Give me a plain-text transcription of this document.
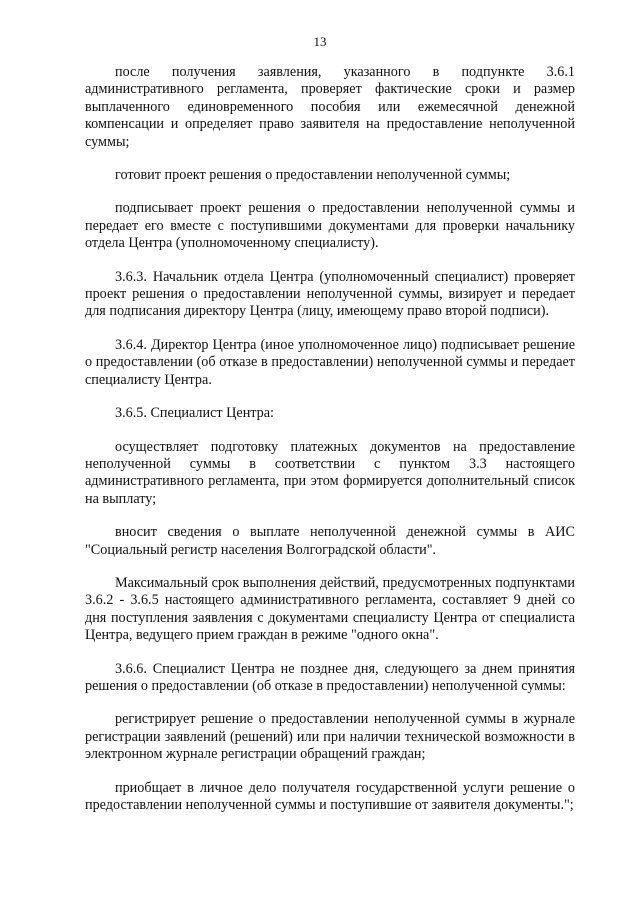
13

после получения заявления, указанного в подпункте 3.6.1 административного регламента, проверяет фактические сроки и размер выплаченного единовременного пособия или ежемесячной денежной компенсации и определяет право заявителя на предоставление неполученной суммы;

готовит проект решения о предоставлении неполученной суммы;

подписывает проект решения о предоставлении неполученной суммы и передает его вместе с поступившими документами для проверки начальнику отдела Центра (уполномоченному специалисту).

3.6.3. Начальник отдела Центра (уполномоченный специалист) проверяет проект решения о предоставлении неполученной суммы, визирует и передает для подписания директору Центра (лицу, имеющему право второй подписи).

3.6.4. Директор Центра (иное уполномоченное лицо) подписывает решение о предоставлении (об отказе в предоставлении) неполученной суммы и передает специалисту Центра.

3.6.5. Специалист Центра:

осуществляет подготовку платежных документов на предоставление неполученной суммы в соответствии с пунктом 3.3 настоящего административного регламента, при этом формируется дополнительный список на выплату;

вносит сведения о выплате неполученной денежной суммы в АИС "Социальный регистр населения Волгоградской области".

Максимальный срок выполнения действий, предусмотренных подпунктами 3.6.2 - 3.6.5 настоящего административного регламента, составляет 9 дней со дня поступления заявления с документами специалисту Центра от специалиста Центра, ведущего прием граждан в режиме "одного окна".

3.6.6. Специалист Центра не позднее дня, следующего за днем принятия решения о предоставлении (об отказе в предоставлении) неполученной суммы:

регистрирует решение о предоставлении неполученной суммы в журнале регистрации заявлений (решений) или при наличии технической возможности в электронном журнале регистрации обращений граждан;

приобщает в личное дело получателя государственной услуги решение о предоставлении неполученной суммы и поступившие от заявителя документы.";
